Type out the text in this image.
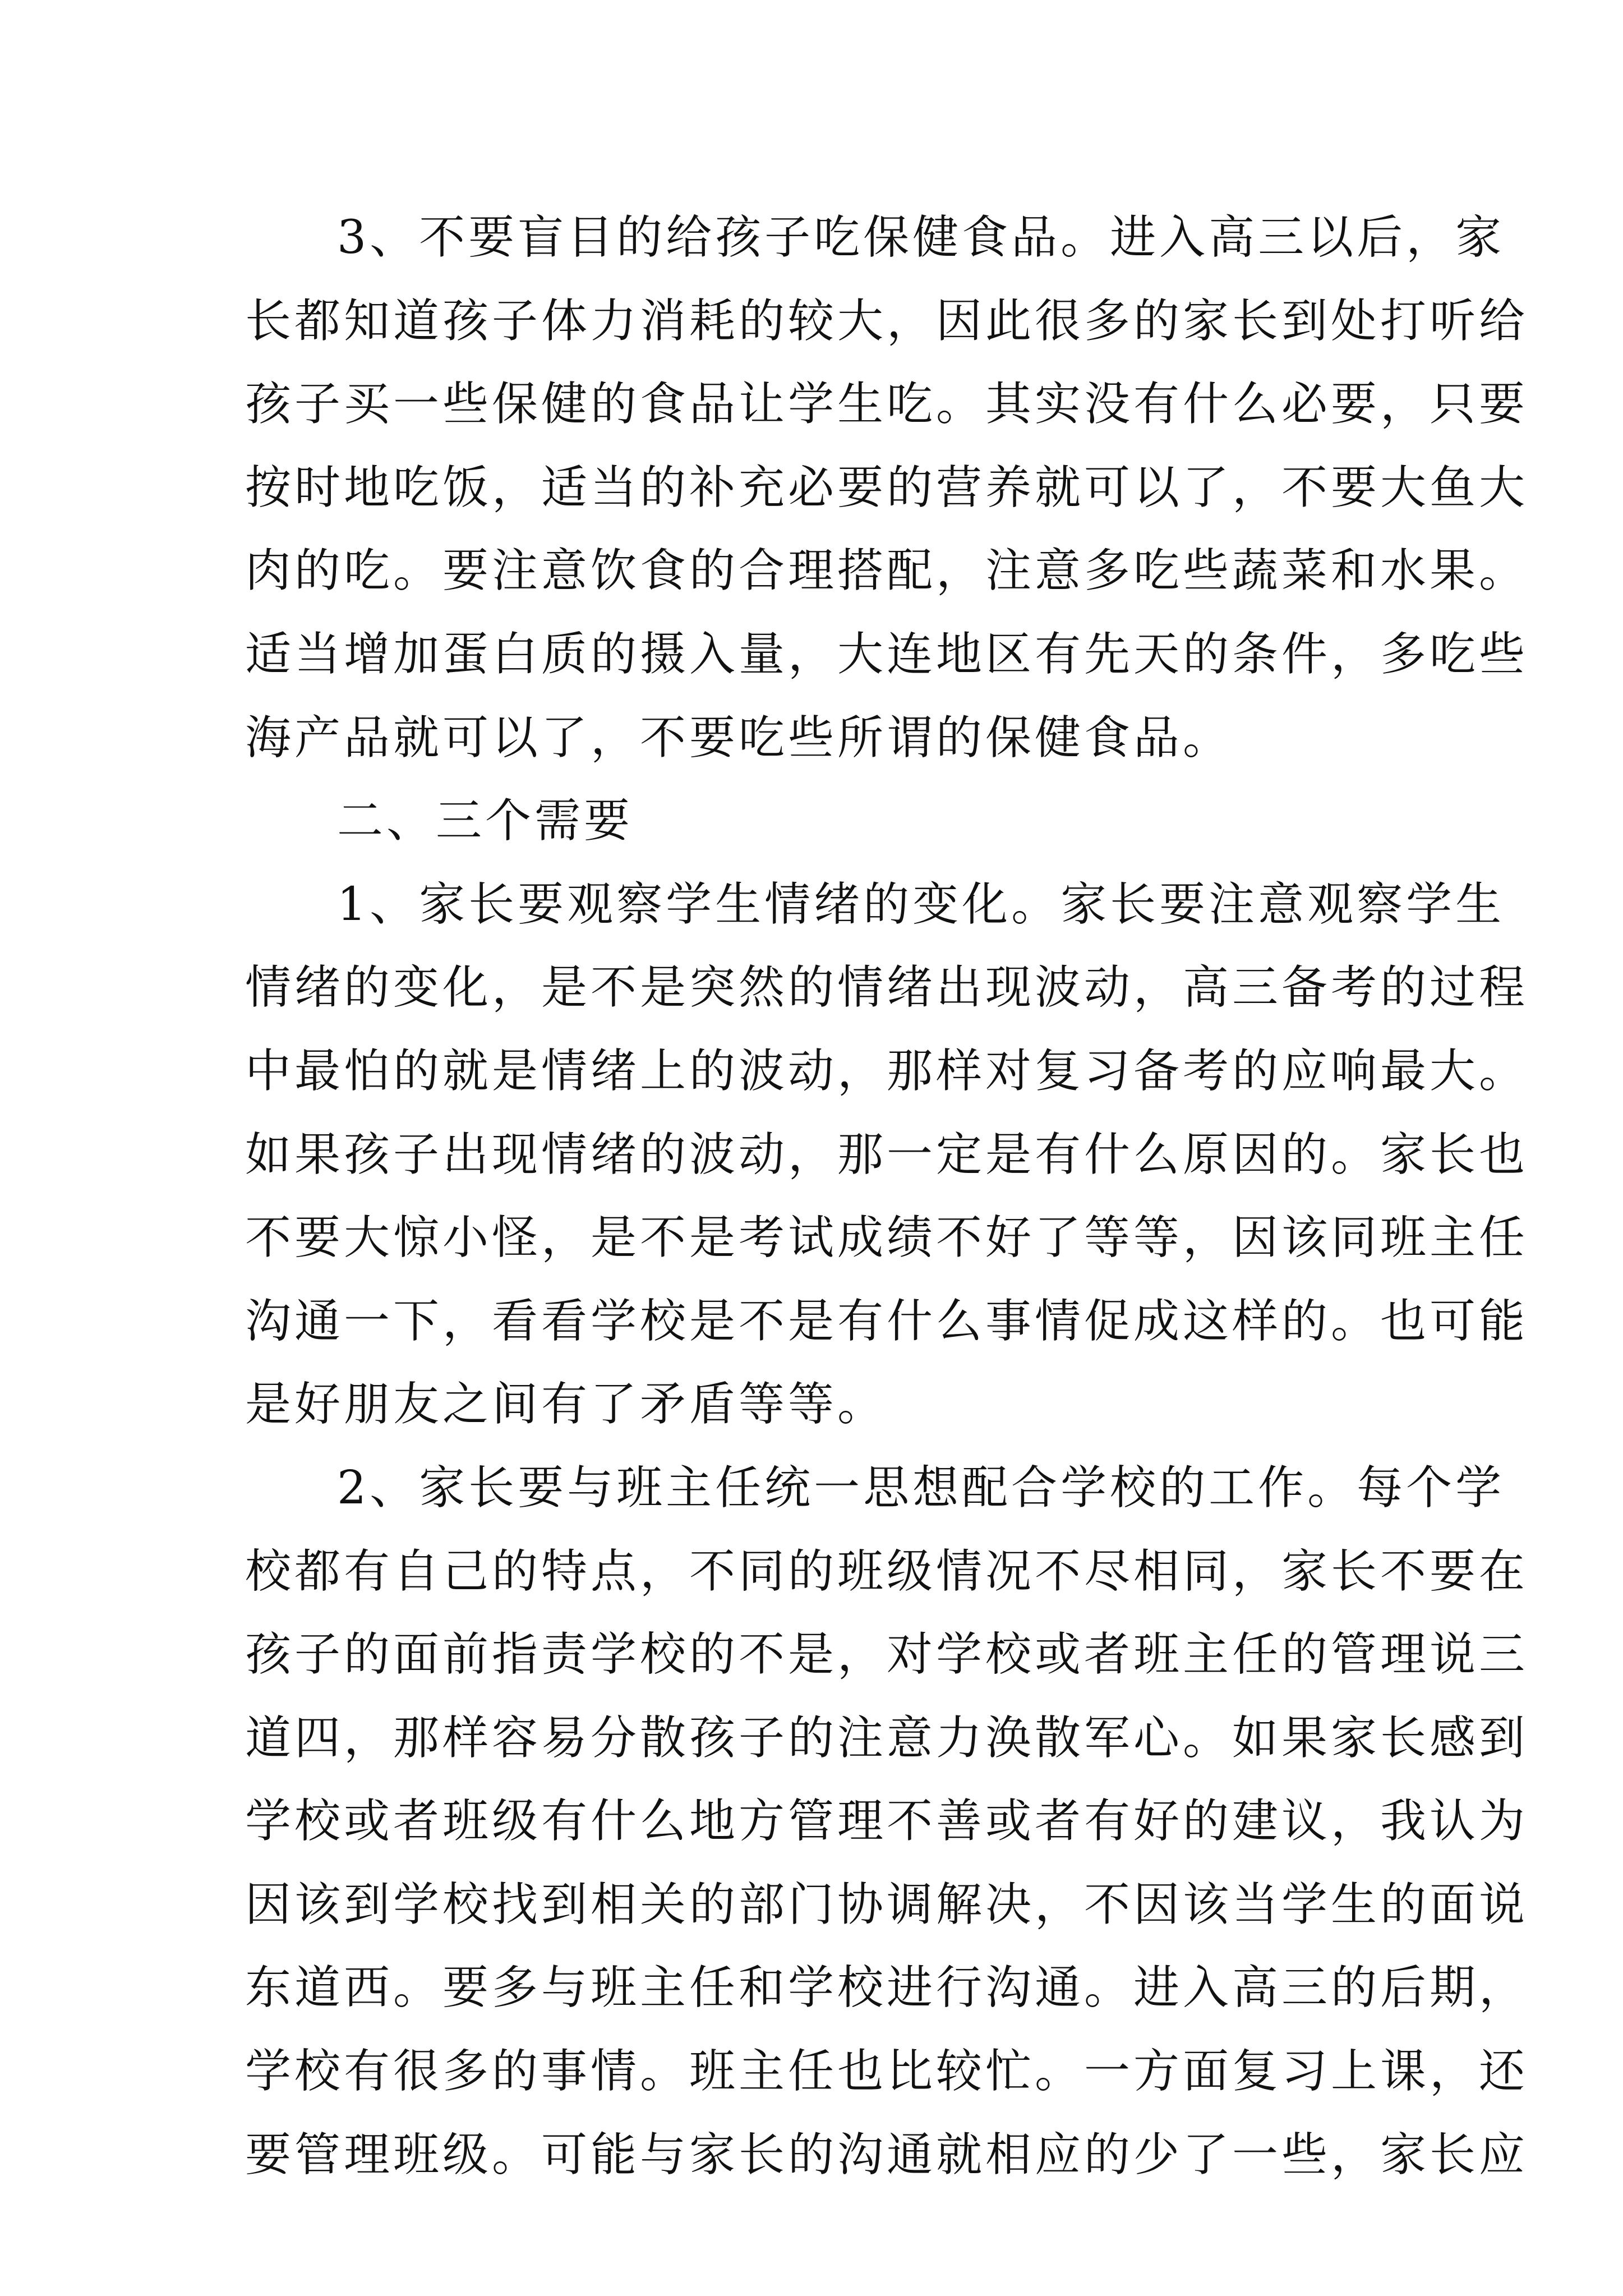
3、不要盲目的给孩子吃保健食品。进入高三以后，家
长都知道孩子体力消耗的较大，因此很多的家长到处打听给
孩子买一些保健的食品让学生吃。其实没有什么必要，只要
按时地吃饭，适当的补充必要的营养就可以了，不要大鱼大
肉的吃。要注意饮食的合理搭配，注意多吃些蔬菜和水果。
适当增加蛋白质的摄入量，大连地区有先天的条件，多吃些
海产品就可以了，不要吃些所谓的保健食品。
二、三个需要
1、家长要观察学生情绪的变化。家长要注意观察学生
情绪的变化，是不是突然的情绪出现波动，高三备考的过程
中最怕的就是情绪上的波动，那样对复习备考的应响最大。
如果孩子出现情绪的波动，那一定是有什么原因的。家长也
不要大惊小怪，是不是考试成绩不好了等等，因该同班主任
沟通一下，看看学校是不是有什么事情促成这样的。也可能
是好朋友之间有了矛盾等等。
2、家长要与班主任统一思想配合学校的工作。每个学
校都有自己的特点，不同的班级情况不尽相同，家长不要在
孩子的面前指责学校的不是，对学校或者班主任的管理说三
道四，那样容易分散孩子的注意力涣散军心。如果家长感到
学校或者班级有什么地方管理不善或者有好的建议，我认为
因该到学校找到相关的部门协调解决，不因该当学生的面说
东道西。要多与班主任和学校进行沟通。进入高三的后期，
学校有很多的事情。班主任也比较忙。一方面复习上课，还
要管理班级。可能与家长的沟通就相应的少了一些，家长应
